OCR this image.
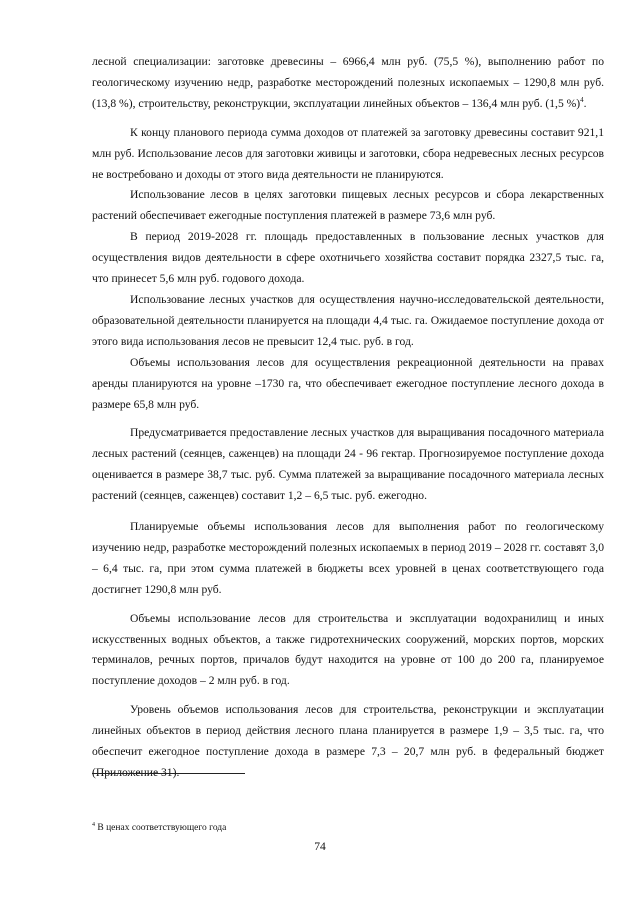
лесной специализации: заготовке древесины – 6966,4 млн руб. (75,5 %), выполнению работ по геологическому изучению недр, разработке месторождений полезных ископаемых – 1290,8 млн руб. (13,8 %), строительству, реконструкции, эксплуатации линейных объектов – 136,4 млн руб. (1,5 %)$^4$.

К концу планового периода сумма доходов от платежей за заготовку древесины составит 921,1 млн руб. Использование лесов для заготовки живицы и заготовки, сбора недревесных лесных ресурсов не востребовано и доходы от этого вида деятельности не планируются.

Использование лесов в целях заготовки пищевых лесных ресурсов и сбора лекарственных растений обеспечивает ежегодные поступления платежей в размере 73,6 млн руб.

В период 2019-2028 гг. площадь предоставленных в пользование лесных участков для осуществления видов деятельности в сфере охотничьего хозяйства составит порядка 2327,5 тыс. га, что принесет 5,6 млн руб. годового дохода.

Использование лесных участков для осуществления научно-исследовательской деятельности, образовательной деятельности планируется на площади 4,4 тыс. га. Ожидаемое поступление дохода от этого вида использования лесов не превысит 12,4 тыс. руб. в год.

Объемы использования лесов для осуществления рекреационной деятельности на правах аренды планируются на уровне –1730 га, что обеспечивает ежегодное поступление лесного дохода в размере 65,8 млн руб.

Предусматривается предоставление лесных участков для выращивания посадочного материала лесных растений (сеянцев, саженцев) на площади 24 - 96 гектар. Прогнозируемое поступление дохода оценивается в размере 38,7 тыс. руб. Сумма платежей за выращивание посадочного материала лесных растений (сеянцев, саженцев) составит 1,2 – 6,5 тыс. руб. ежегодно.

Планируемые объемы использования лесов для выполнения работ по геологическому изучению недр, разработке месторождений полезных ископаемых в период 2019 – 2028 гг. составят 3,0 – 6,4 тыс. га, при этом сумма платежей в бюджеты всех уровней в ценах соответствующего года достигнет 1290,8 млн руб.

Объемы использование лесов для строительства и эксплуатации водохранилищ и иных искусственных водных объектов, а также гидротехнических сооружений, морских портов, морских терминалов, речных портов, причалов будут находится на уровне от 100 до 200 га, планируемое поступление доходов – 2 млн руб. в год.

Уровень объемов использования лесов для строительства, реконструкции и эксплуатации линейных объектов в период действия лесного плана планируется в размере 1,9 – 3,5 тыс. га, что обеспечит ежегодное поступление дохода в размере 7,3 – 20,7 млн руб. в федеральный бюджет (Приложение 31).

$^4$ В ценах соответствующего года
74
